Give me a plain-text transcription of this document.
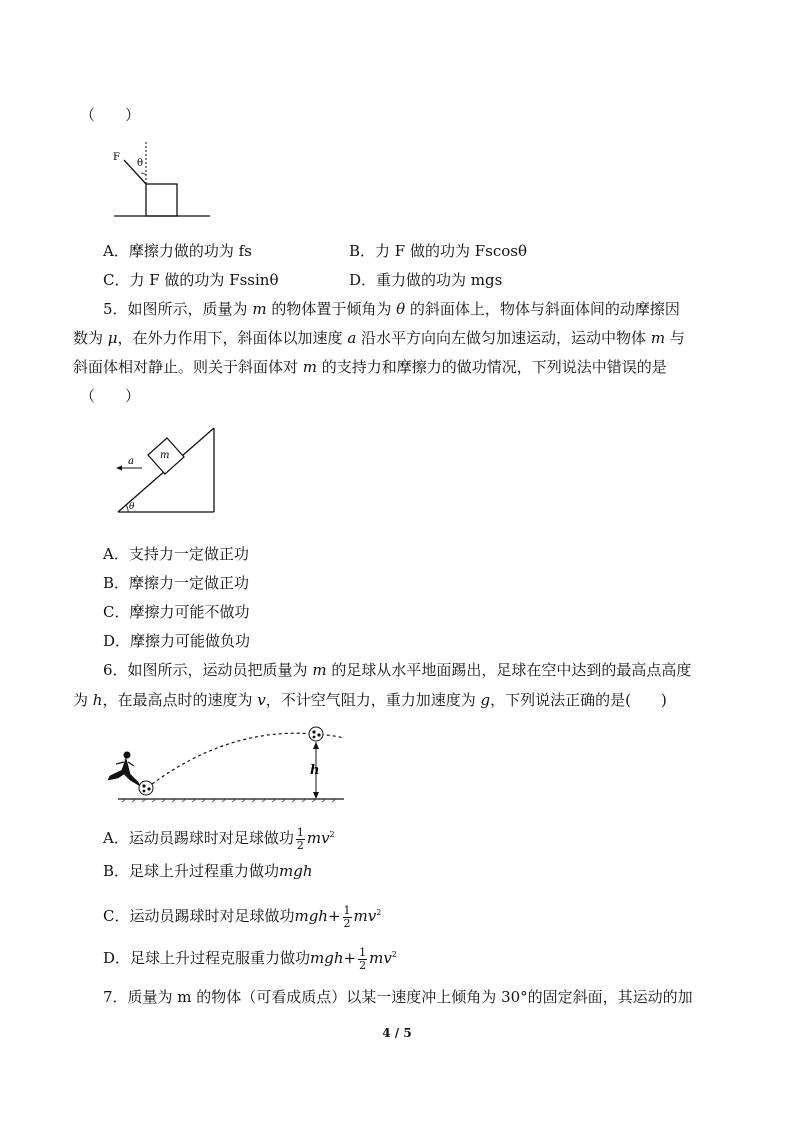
（　　）
F
θ
A．摩擦力做的功为 fs	B．力 F 做的功为 Fscosθ
C．力 F 做的功为 Fssinθ	D．重力做的功为 mgs
5．如图所示，质量为 m 的物体置于倾角为 θ 的斜面体上，物体与斜面体间的动摩擦因
数为 μ，在外力作用下，斜面体以加速度 a 沿水平方向向左做匀加速运动，运动中物体 m 与
斜面体相对静止。则关于斜面体对 m 的支持力和摩擦力的做功情况，下列说法中错误的是
（　　）
m
a
θ
A．支持力一定做正功
B．摩擦力一定做正功
C．摩擦力可能不做功
D．摩擦力可能做负功
6．如图所示，运动员把质量为 m 的足球从水平地面踢出，足球在空中达到的最高点高度
为 h，在最高点时的速度为 v，不计空气阻力，重力加速度为 g，下列说法正确的是(　　)
h
A．运动员踢球时对足球做功 $\frac{1}{2} mv^2$
B．足球上升过程重力做功mgh
C．运动员踢球时对足球做功$mgh+ \frac{1}{2} mv^2$
D．足球上升过程克服重力做功$mgh+ \frac{1}{2} mv^2$
7．质量为 m 的物体（可看成质点）以某一速度冲上倾角为 30°的固定斜面，其运动的加
4 / 5
